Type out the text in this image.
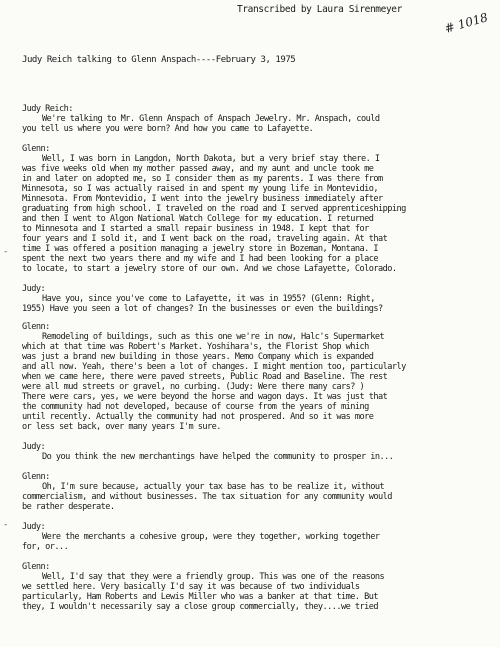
Transcribed by Laura Sirenmeyer
# 1018
Judy Reich talking to Glenn Anspach----February 3, 1975
Judy Reich:
We're talking to Mr. Glenn Anspach of Anspach Jewelry. Mr. Anspach, could
you tell us where you were born? And how you came to Lafayette.
Glenn:
Well, I was born in Langdon, North Dakota, but a very brief stay there. I
was five weeks old when my mother passed away, and my aunt and uncle took me
in and later on adopted me, so I consider them as my parents. I was there from
Minnesota, so I was actually raised in and spent my young life in Montevidio,
Minnesota. From Montevidio, I went into the jewelry business immediately after
graduating from high school. I traveled on the road and I served apprenticeshipping
and then I went to Algon National Watch College for my education. I returned
to Minnesota and I started a small repair business in 1948. I kept that for
four years and I sold it, and I went back on the road, traveling again. At that
time I was offered a position managing a jewelry store in Bozeman, Montana. I
spent the next two years there and my wife and I had been looking for a place
to locate, to start a jewelry store of our own. And we chose Lafayette, Colorado.
Judy:
Have you, since you've come to Lafayette, it was in 1955? (Glenn: Right,
1955) Have you seen a lot of changes? In the businesses or even the buildings?
Glenn:
Remodeling of buildings, such as this one we're in now, Halc's Supermarket
which at that time was Robert's Market. Yoshihara's, the Florist Shop which
was just a brand new building in those years. Memo Company which is expanded
and all now. Yeah, there's been a lot of changes. I might mention too, particularly
when we came here, there were paved streets, Public Road and Baseline. The rest
were all mud streets or gravel, no curbing. (Judy: Were there many cars? )
There were cars, yes, we were beyond the horse and wagon days. It was just that
the community had not developed, because of course from the years of mining
until recently. Actually the community had not prospered. And so it was more
or less set back, over many years I'm sure.
Judy:
Do you think the new merchantings have helped the community to prosper in...
Glenn:
Oh, I'm sure because, actually your tax base has to be realize it, without
commercialism, and without businesses. The tax situation for any community would
be rather desperate.
Judy:
Were the merchants a cohesive group, were they together, working together
for, or...
Glenn:
Well, I'd say that they were a friendly group. This was one of the reasons
we settled here. Very basically I'd say it was because of two individuals
particularly, Ham Roberts and Lewis Miller who was a banker at that time. But
they, I wouldn't necessarily say a close group commercially, they....we tried
-
-
